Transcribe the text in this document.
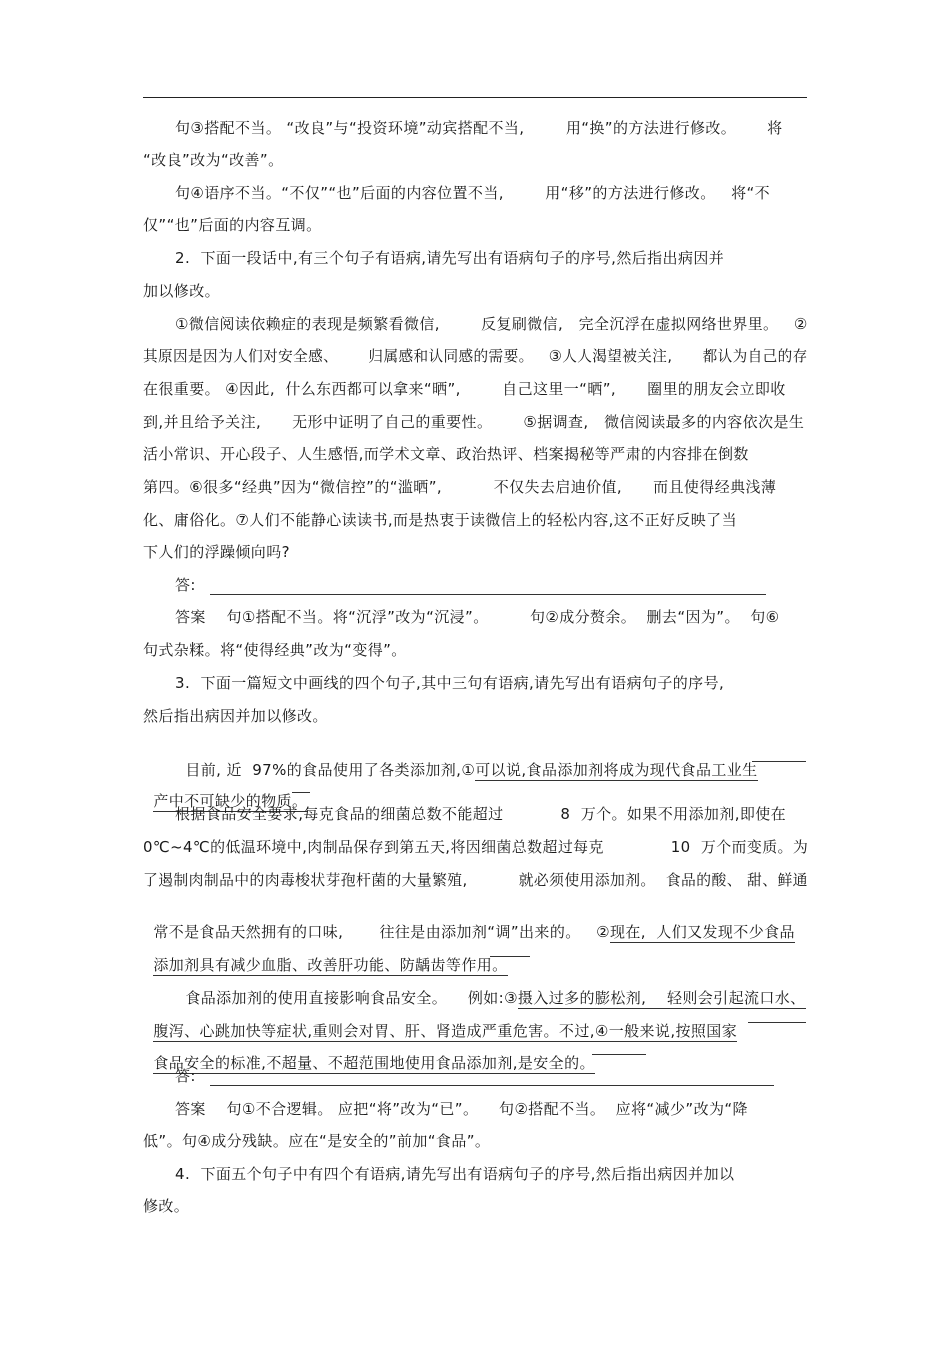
句③搭配不当。 “改良”与“投资环境”动宾搭配不当,        用“换”的方法进行修改。      将
“改良”改为“改善”。
句④语序不当。“不仅”“也”后面的内容位置不当,        用“移”的方法进行修改。   将“不
仅”“也”后面的内容互调。
2.  下面一段话中,有三个句子有语病,请先写出有语病句子的序号,然后指出病因并
加以修改。
①微信阅读依赖症的表现是频繁看微信,        反复刷微信,   完全沉浮在虚拟网络世界里。   ②
其原因是因为人们对安全感、      归属感和认同感的需要。   ③人人渴望被关注,      都认为自己的存
在很重要。 ④因此,  什么东西都可以拿来“晒”,        自己这里一“晒”,      圈里的朋友会立即收
到,并且给予关注,      无形中证明了自己的重要性。      ⑤据调查,   微信阅读最多的内容依次是生
活小常识、开心段子、人生感悟,而学术文章、政治热评、档案揭秘等严肃的内容排在倒数
第四。⑥很多“经典”因为“微信控”的“滥晒”,          不仅失去启迪价值,      而且使得经典浅薄
化、庸俗化。⑦人们不能静心读读书,而是热衷于读微信上的轻松内容,这不正好反映了当
下人们的浮躁倾向吗?
答:
答案    句①搭配不当。将“沉浮”改为“沉浸”。        句②成分赘余。  删去“因为”。  句⑥
句式杂糅。将“使得经典”改为“变得”。
3.  下面一篇短文中画线的四个句子,其中三句有语病,请先写出有语病句子的序号,
然后指出病因并加以修改。

目前, 近  97%的食品使用了各类添加剂,①可以说,食品添加剂将成为现代食品工业生

产中不可缺少的物质。

根据食品安全要求,每克食品的细菌总数不能超过           8  万个。如果不用添加剂,即使在
0℃~4℃的低温环境中,肉制品保存到第五天,将因细菌总数超过每克             10  万个而变质。为
了遏制肉制品中的肉毒梭状芽孢杆菌的大量繁殖,          就必须使用添加剂。  食品的酸、 甜、鲜通

常不是食品天然拥有的口味,       往往是由添加剂“调”出来的。   ②现在,  人们又发现不少食品

添加剂具有减少血脂、改善肝功能、防龋齿等作用。

食品添加剂的使用直接影响食品安全。    例如:③摄入过多的膨松剂,    轻则会引起流口水、

腹泻、心跳加快等症状,重则会对胃、肝、肾造成严重危害。不过,④一般来说,按照国家

食品安全的标准,不超量、不超范围地使用食品添加剂,是安全的。

答:
答案    句①不合逻辑。 应把“将”改为“已”。    句②搭配不当。  应将“减少”改为“降
低”。句④成分残缺。应在“是安全的”前加“食品”。
4.  下面五个句子中有四个有语病,请先写出有语病句子的序号,然后指出病因并加以
修改。
